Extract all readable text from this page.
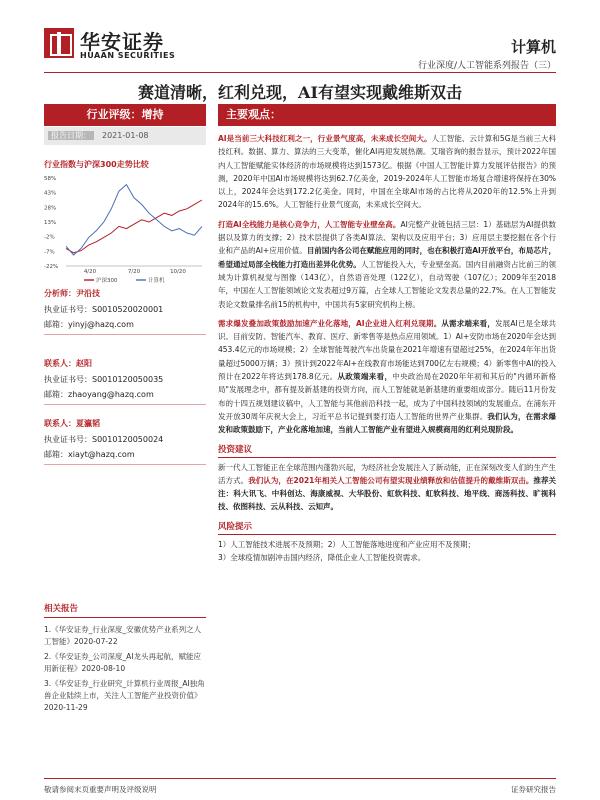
华安证券
HUAAN SECURITIES	计算机
行业深度/人工智能系列报告（三）
赛道清晰，红利兑现，AI有望实现戴维斯双击
行业评级：增持
报告日期： 2021-01-08
行业指数与沪深300走势比较
58%
43%
28%
13%
-2%
-7%
-22%
4/20	7/20	10/20
沪深300	计算机
分析师：尹沿技
执业证书号：S0010520020001
邮箱：yinyj@hazq.com
联系人：赵阳
执业证书号：S0010120050035
邮箱：zhaoyang@hazq.com
联系人：夏瀛韬
执业证书号：S0010120050024
邮箱：xiayt@hazq.com
相关报告
1.《华安证券_行业深度_安徽优势产业系列之人工智能》2020-07-22
2.《华安证券_公司深度_AI龙头再起航，赋能应用新征程》2020-08-10
3.《华安证券_行业研究_计算机行业周报_AI独角兽企业陆续上市，关注人工智能产业投资价值》2020-11-29
主要观点：
AI是当前三大科技红利之一，行业景气度高，未来成长空间大。人工智能、云计算和5G是当前三大科技红利。数据、算力、算法的三大变革，催化AI再迎发展热潮。艾瑞咨询的报告显示，预计2022年国内人工智能赋能实体经济的市场规模将达到1573亿。根据《中国人工智能计算力发展评估报告》的预测，2020年中国AI市场规模将达到62.7亿美金，2019-2024年人工智能市场复合增速将保持在30%以上，2024年会达到172.2亿美金。同时，中国在全球AI市场的占比将从2020年的12.5%上升到2024年的15.6%。人工智能行业景气度高，未来成长空间大。
打造AI全栈能力是核心竞争力，人工智能专业壁垒高。AI完整产业链包括三层：1）基础层为AI提供数据以及算力的支撑；2）技术层提供了各类AI算法、架构以及应用平台；3）应用层主要挖掘在各个行业和产品的AI+应用价值。目前国内各公司在赋能应用的同时，也在积极打造AI开放平台，布局芯片，希望通过局部全栈能力打造出差异化优势。人工智能投入大，专业壁垒高。国内目前融资占比前三的领域为计算机视觉与图像（143亿），自然语音处理（122亿），自动驾驶（107亿）；2009年至2018年，中国在人工智能领域论文发表超过9万篇，占全球人工智能论文发表总量的22.7%。在人工智能发表论文数量排名前15的机构中，中国共有5家研究机构上榜。
需求爆发叠加政策鼓励加速产业化落地，AI企业进入红利兑现期。从需求端来看，发展AI已是全球共识。目前安防、智能汽车、教育、医疗、新零售等是热点应用领域。1）AI+安防市场在2020年会达到453.4亿元的市场规模；2）全球智能驾驶汽车出货量在2021年增速有望超过25%，在2024年年出货量超过5000万辆；3）预计到2022年AI+在线教育市场能达到700亿左右规模；4）新零售中AI的投入预计在2022年将达到178.8亿元。从政策端来看，中央政治局在2020年年初和其后的"内循环新格局"发展理念中，都有提及新基建的投资方向，而人工智能就是新基建的重要组成部分。随后11月份发布的十四五规划建议稿中，人工智能与其他前沿科技一起，成为了中国科技领域的发展重点。在浦东开发开放30周年庆祝大会上，习近平总书记提到要打造人工智能的世界产业集群。我们认为，在需求爆发和政策鼓励下，产业化落地加速，当前人工智能产业有望进入规模商用的红利兑现阶段。
投资建议
新一代人工智能正在全球范围内蓬勃兴起，为经济社会发展注入了新动能，正在深刻改变人们的生产生活方式。我们认为，在2021年相关人工智能公司有望实现业绩释放和估值提升的戴维斯双击。推荐关注：科大讯飞、中科创达、海康威视、大华股份、虹软科技、虹软科技、地平线、商汤科技、旷视科技、依图科技、云从科技、云知声。
风险提示
1）人工智能技术进展不及预期；2）人工智能落地进度和产业应用不及预期；
3）全球疫情加剧冲击国内经济，降低企业人工智能投资需求。
敬请参阅末页重要声明及评级说明	证券研究报告
